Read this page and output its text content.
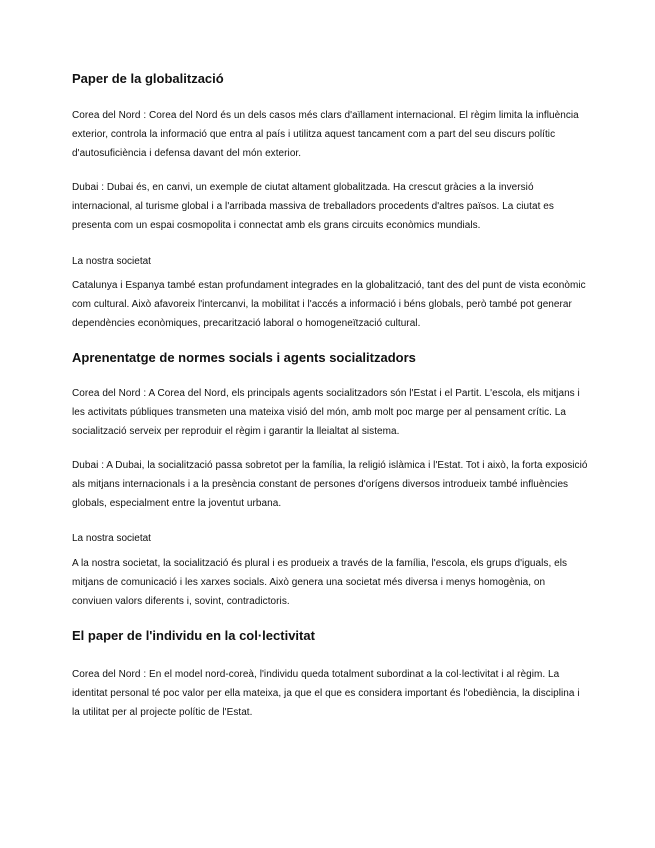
Paper de la globalització

Corea del Nord : Corea del Nord és un dels casos més clars d'aïllament internacional. El règim limita la influència exterior, controla la informació que entra al país i utilitza aquest tancament com a part del seu discurs polític d'autosuficiència i defensa davant del món exterior.

Dubai : Dubai és, en canvi, un exemple de ciutat altament globalitzada. Ha crescut gràcies a la inversió internacional, al turisme global i a l'arribada massiva de treballadors procedents d'altres països. La ciutat es presenta com un espai cosmopolita i connectat amb els grans circuits econòmics mundials.

La nostra societat

Catalunya i Espanya també estan profundament integrades en la globalització, tant des del punt de vista econòmic com cultural. Això afavoreix l'intercanvi, la mobilitat i l'accés a informació i béns globals, però també pot generar dependències econòmiques, precarització laboral o homogeneïtzació cultural.

Aprenentatge de normes socials i agents socialitzadors

Corea del Nord : A Corea del Nord, els principals agents socialitzadors són l'Estat i el Partit. L'escola, els mitjans i les activitats públiques transmeten una mateixa visió del món, amb molt poc marge per al pensament crític. La socialització serveix per reproduir el règim i garantir la lleialtat al sistema.

Dubai : A Dubai, la socialització passa sobretot per la família, la religió islàmica i l'Estat. Tot i això, la forta exposició als mitjans internacionals i a la presència constant de persones d'orígens diversos introdueix també influències globals, especialment entre la joventut urbana.

La nostra societat

A la nostra societat, la socialització és plural i es produeix a través de la família, l'escola, els grups d'iguals, els mitjans de comunicació i les xarxes socials. Això genera una societat més diversa i menys homogènia, on conviuen valors diferents i, sovint, contradictoris.

El paper de l'individu en la col·lectivitat

Corea del Nord : En el model nord-coreà, l'individu queda totalment subordinat a la col·lectivitat i al règim. La identitat personal té poc valor per ella mateixa, ja que el que es considera important és l'obediència, la disciplina i la utilitat per al projecte polític de l'Estat.
